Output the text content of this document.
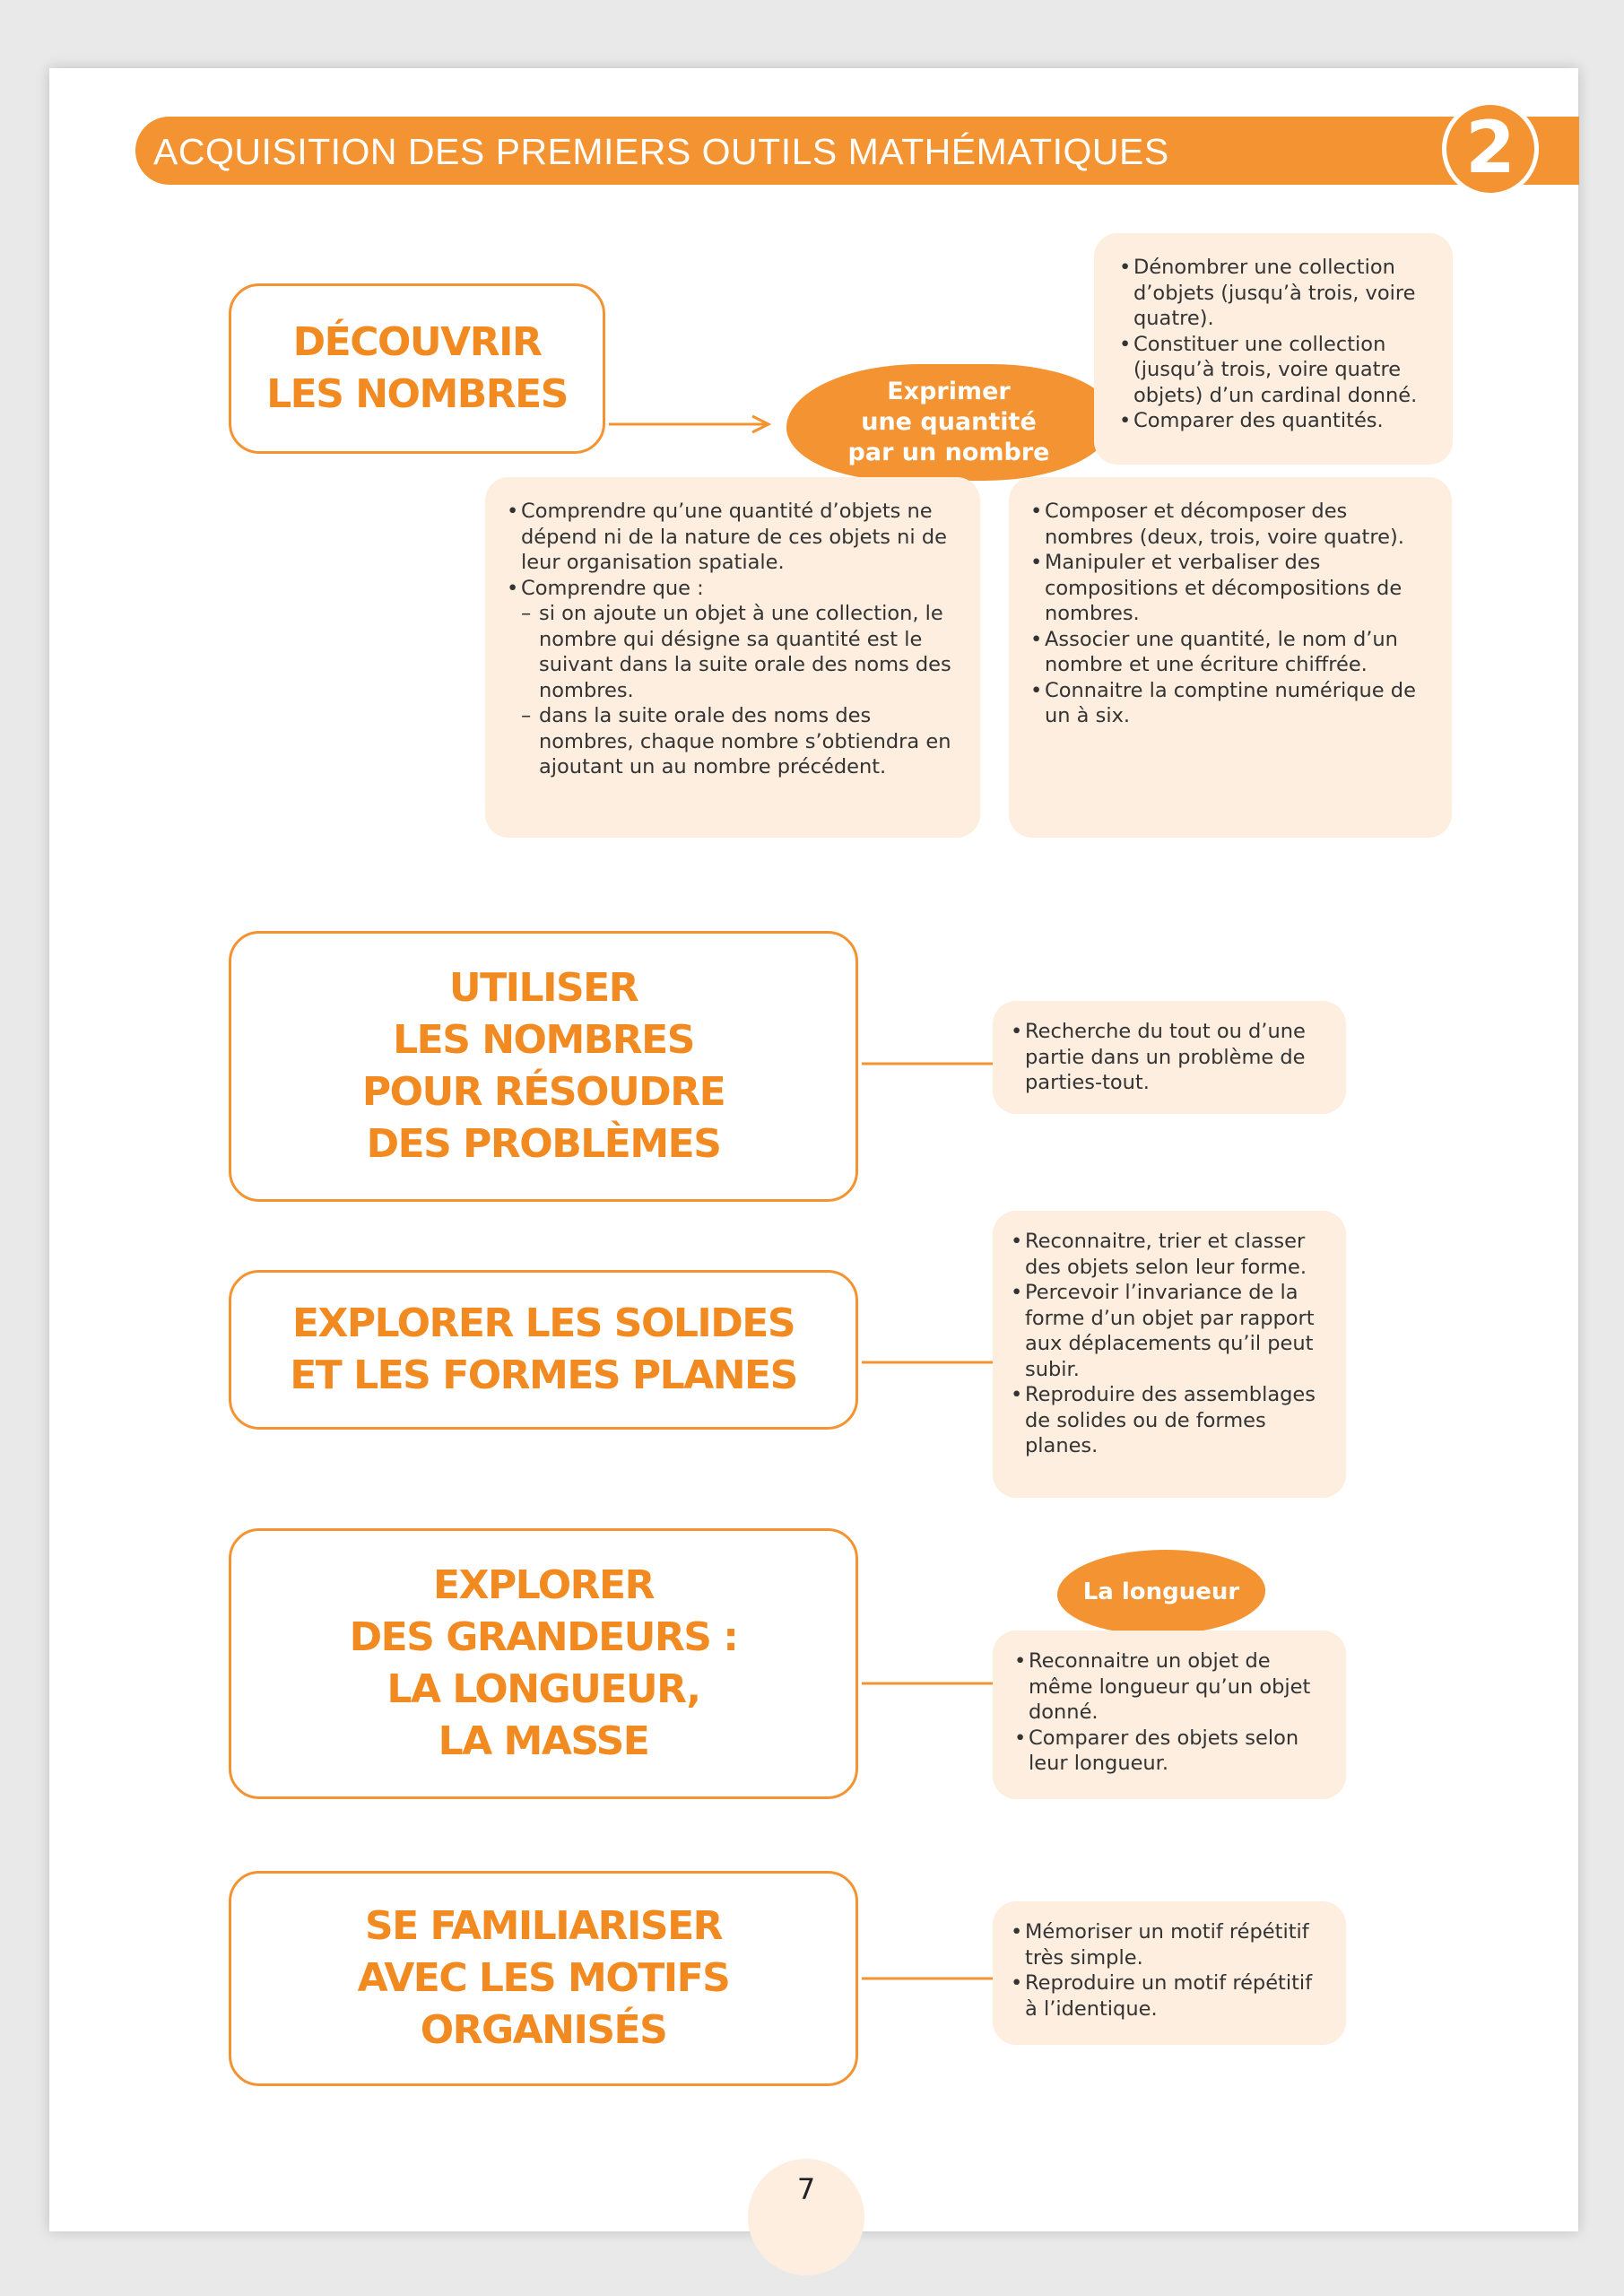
ACQUISITION DES PREMIERS OUTILS MATHÉMATIQUES	2
DÉCOUVRIR
LES NOMBRES	Exprimer
une quantité
par un nombre
• Dénombrer une collection d’objets (jusqu’à trois, voire quatre).
• Constituer une collection (jusqu’à trois, voire quatre objets) d’un cardinal donné.
• Comparer des quantités.
• Comprendre qu’une quantité d’objets ne dépend ni de la nature de ces objets ni de leur organisation spatiale.
• Comprendre que :
– si on ajoute un objet à une collection, le nombre qui désigne sa quantité est le suivant dans la suite orale des noms des nombres.
– dans la suite orale des noms des nombres, chaque nombre s’obtiendra en ajoutant un au nombre précédent.
• Composer et décomposer des nombres (deux, trois, voire quatre).
• Manipuler et verbaliser des compositions et décompositions de nombres.
• Associer une quantité, le nom d’un nombre et une écriture chiffrée.
• Connaitre la comptine numérique de un à six.
UTILISER
LES NOMBRES
POUR RÉSOUDRE
DES PROBLÈMES
• Recherche du tout ou d’une partie dans un problème de parties-tout.
EXPLORER LES SOLIDES
ET LES FORMES PLANES
• Reconnaitre, trier et classer des objets selon leur forme.
• Percevoir l’invariance de la forme d’un objet par rapport aux déplacements qu’il peut subir.
• Reproduire des assemblages de solides ou de formes planes.
EXPLORER
DES GRANDEURS :
LA LONGUEUR,
LA MASSE
La longueur
• Reconnaitre un objet de même longueur qu’un objet donné.
• Comparer des objets selon leur longueur.
SE FAMILIARISER
AVEC LES MOTIFS
ORGANISÉS
• Mémoriser un motif répétitif très simple.
• Reproduire un motif répétitif à l’identique.
7
